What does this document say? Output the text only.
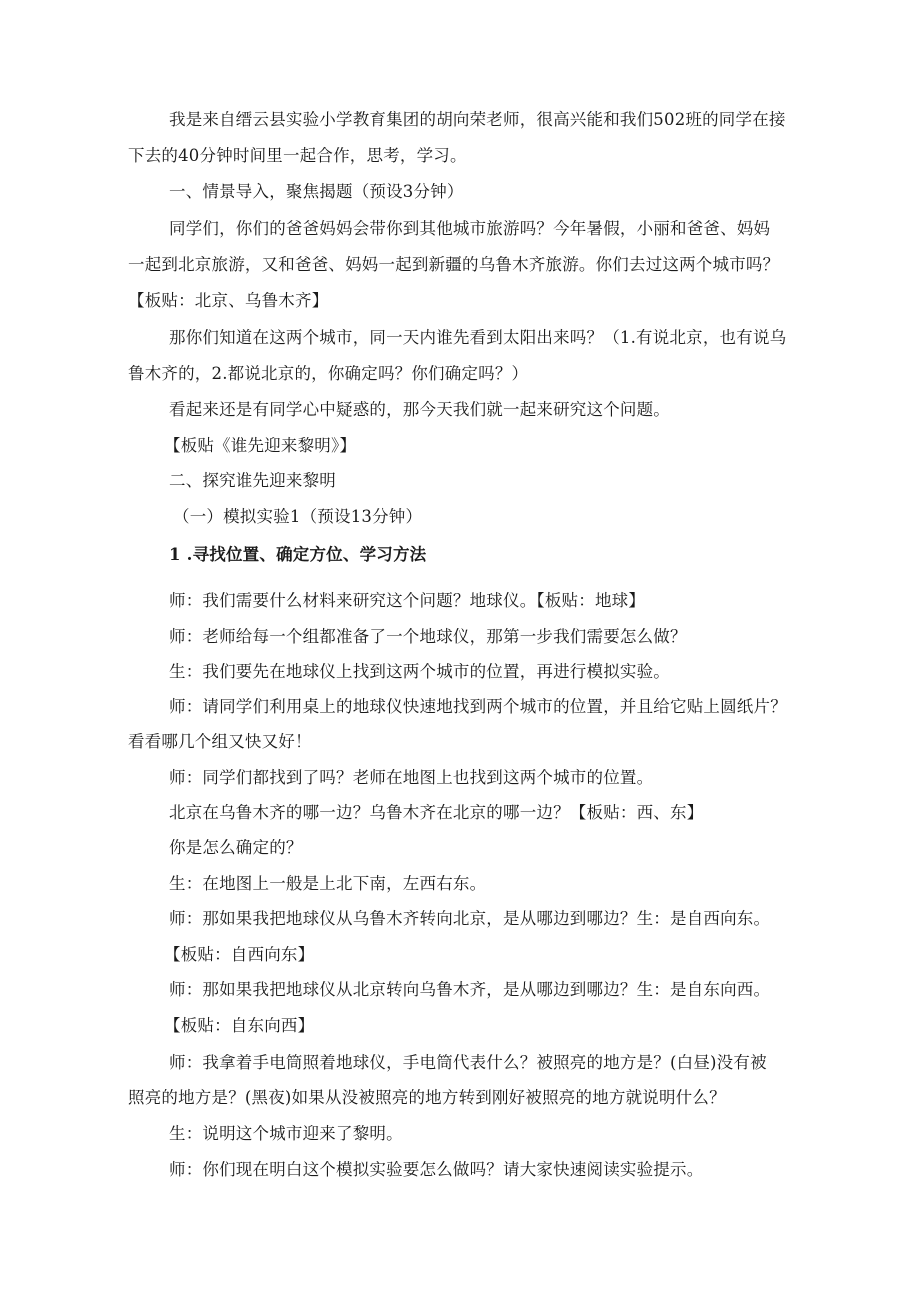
我是来自缙云县实验小学教育集团的胡向荣老师，很高兴能和我们502班的同学在接

下去的40分钟时间里一起合作，思考，学习。

一、情景导入，聚焦揭题（预设3分钟）

同学们，你们的爸爸妈妈会带你到其他城市旅游吗？今年暑假，小丽和爸爸、妈妈

一起到北京旅游，又和爸爸、妈妈一起到新疆的乌鲁木齐旅游。你们去过这两个城市吗？

【板贴：北京、乌鲁木齐】

那你们知道在这两个城市，同一天内谁先看到太阳出来吗？（1.有说北京，也有说乌

鲁木齐的，2.都说北京的，你确定吗？你们确定吗？）

看起来还是有同学心中疑惑的，那今天我们就一起来研究这个问题。

【板贴《谁先迎来黎明》】

二、探究谁先迎来黎明

（一）模拟实验1（预设13分钟）

1 .寻找位置、确定方位、学习方法

师：我们需要什么材料来研究这个问题？地球仪。【板贴：地球】

师：老师给每一个组都准备了一个地球仪，那第一步我们需要怎么做？

生：我们要先在地球仪上找到这两个城市的位置，再进行模拟实验。

师：请同学们利用桌上的地球仪快速地找到两个城市的位置，并且给它贴上圆纸片？

看看哪几个组又快又好！

师：同学们都找到了吗？老师在地图上也找到这两个城市的位置。

北京在乌鲁木齐的哪一边？乌鲁木齐在北京的哪一边？【板贴：西、东】

你是怎么确定的？

生：在地图上一般是上北下南，左西右东。

师：那如果我把地球仪从乌鲁木齐转向北京，是从哪边到哪边？生：是自西向东。

【板贴：自西向东】

师：那如果我把地球仪从北京转向乌鲁木齐，是从哪边到哪边？生：是自东向西。

【板贴：自东向西】

师：我拿着手电筒照着地球仪，手电筒代表什么？被照亮的地方是？(白昼)没有被

照亮的地方是？(黑夜)如果从没被照亮的地方转到刚好被照亮的地方就说明什么？

生：说明这个城市迎来了黎明。

师：你们现在明白这个模拟实验要怎么做吗？请大家快速阅读实验提示。
